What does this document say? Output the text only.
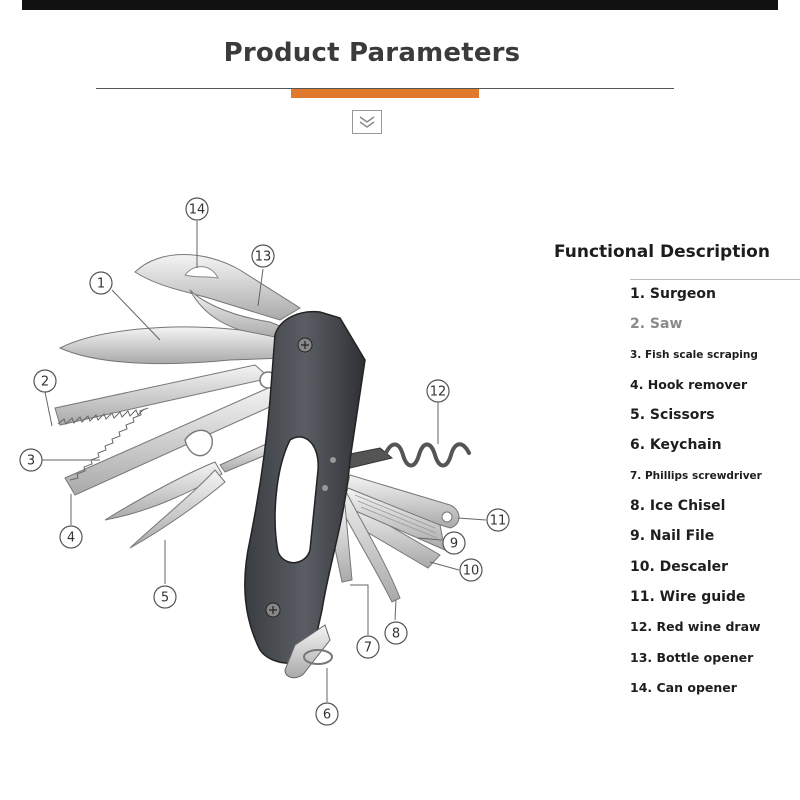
Product Parameters
14
13
1
2
3
4
5
12
11
9
10
8
7
6
Functional Description
1. Surgeon
2. Saw
3. Fish scale scraping
4. Hook remover
5. Scissors
6. Keychain
7. Phillips screwdriver
8. Ice Chisel
9. Nail File
10. Descaler
11. Wire guide
12. Red wine draw
13. Bottle opener
14. Can opener
